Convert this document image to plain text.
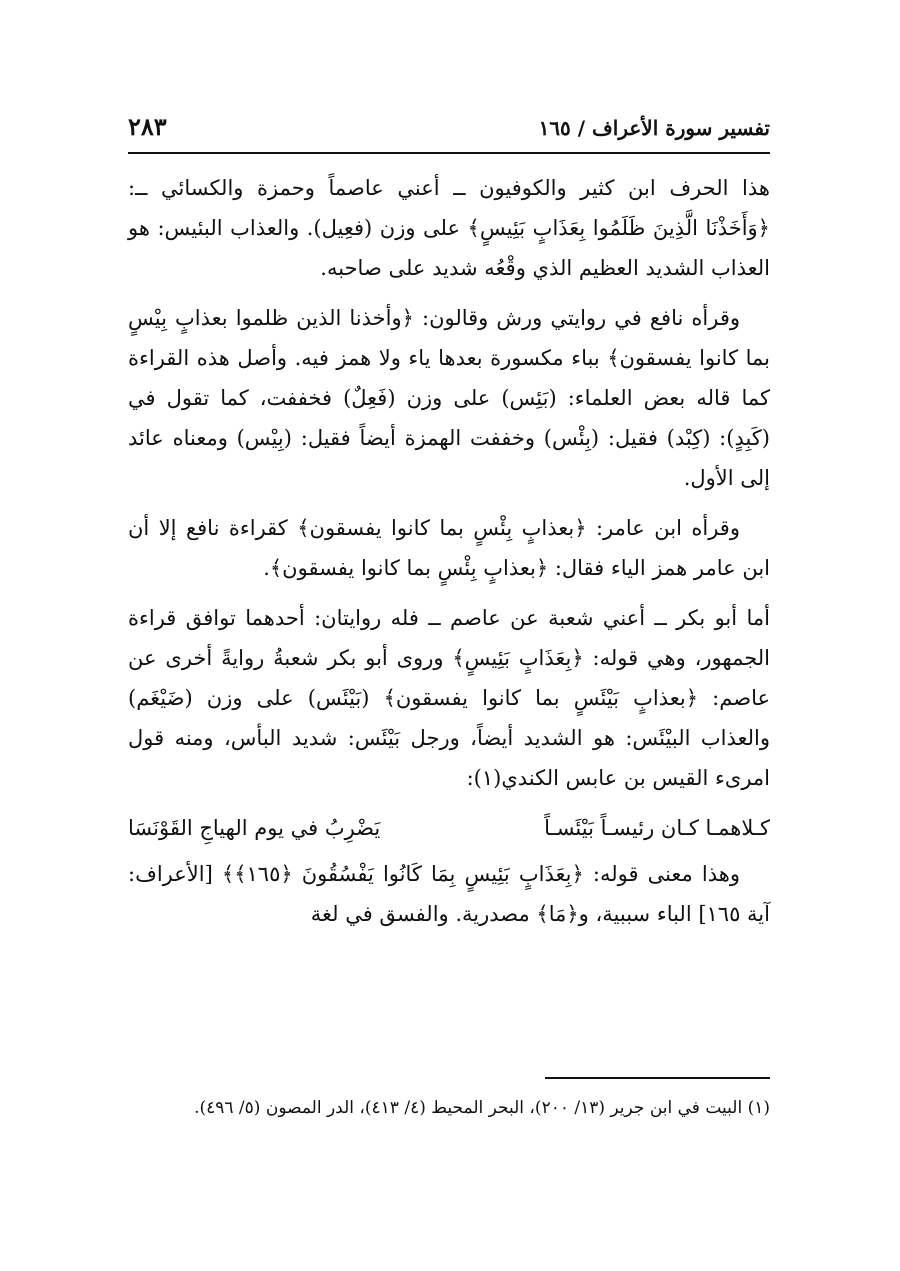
تفسير سورة الأعراف / ١٦٥
٢٨٣

هذا الحرف ابن كثير والكوفيون ــ أعني عاصماً وحمزة والكسائي ــ: ﴿وَأَخَذْنَا الَّذِينَ ظَلَمُوا بِعَذَابٍ بَئِيسٍ﴾ على وزن (فعِيل). والعذاب البئيس: هو العذاب الشديد العظيم الذي وقْعُه شديد على صاحبه.

وقرأه نافع في روايتي ورش وقالون: ﴿وأخذنا الذين ظلموا بعذابٍ بِيْسٍ بما كانوا يفسقون﴾ بباء مكسورة بعدها ياء ولا همز فيه. وأصل هذه القراءة كما قاله بعض العلماء: (بَئِس) على وزن (فَعِلٌ) فخففت، كما تقول في (كَبِدٍ): (كِبْد) فقيل: (بِئْس) وخففت الهمزة أيضاً فقيل: (بِيْس) ومعناه عائد إلى الأول.

وقرأه ابن عامر: ﴿بعذابٍ بِئْسٍ بما كانوا يفسقون﴾ كقراءة نافع إلا أن ابن عامر همز الياء فقال: ﴿بعذابٍ بِئْسٍ بما كانوا يفسقون﴾.

أما أبو بكر ــ أعني شعبة عن عاصم ــ فله روايتان: أحدهما توافق قراءة الجمهور، وهي قوله: ﴿بِعَذَابٍ بَئِيسٍ﴾ وروى أبو بكر شعبةُ روايةً أخرى عن عاصم: ﴿بعذابٍ بَيْئَسٍ بما كانوا يفسقون﴾ (بَيْئَس) على وزن (ضَيْغَم) والعذاب البيْئَس: هو الشديد أيضاً، ورجل بَيْئَس: شديد البأس، ومنه قول امرىء القيس بن عابس الكندي(١):

كـلاهمـا كـان رئيسـاً بَيْئَسـاً
يَضْرِبُ في يوم الهياجِ القَوْنَسَا

وهذا معنى قوله: ﴿بِعَذَابٍ بَئِيسٍ بِمَا كَانُوا يَفْسُقُونَ ﴿١٦٥﴾﴾ [الأعراف: آية ١٦٥] الباء سببية، و﴿مَا﴾ مصدرية. والفسق في لغة

(١) البيت في ابن جرير (١٣/ ٢٠٠)، البحر المحيط (٤/ ٤١٣)، الدر المصون (٥/ ٤٩٦).
